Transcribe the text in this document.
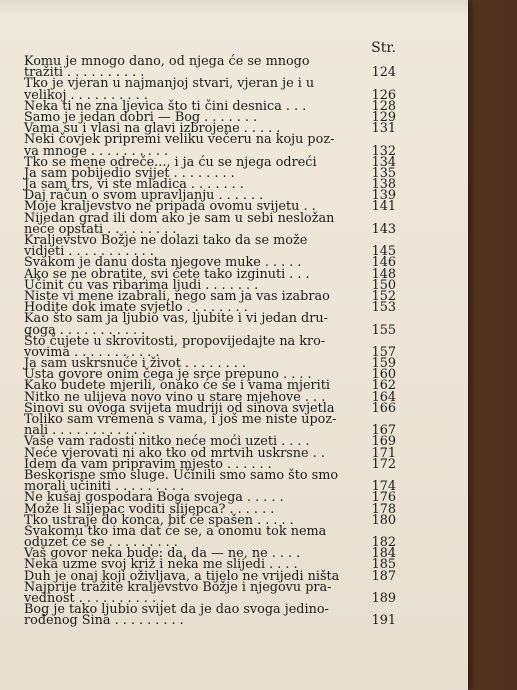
Str.
Komu je mnogo dano, od njega će se mnogo
tražiti . . . . . . . . . .	124
Tko je vjeran u najmanjoj stvari, vjeran je i u
velikoj . . . . . . . . . .	126
Neka ti ne zna ljevica što ti čini desnica . . .	128
Samo je jedan dobri — Bog . . . . . . .	129
Vama su i vlasi na glavi izbrojene . . . . .	131
Neki čovjek pripremi veliku večeru na koju poz-
va mnoge . . . . . . . . . .	132
Tko se mene odreče..., i ja ću se njega odreći	134
Ja sam pobijedio svijet . . . . . . . .	135
Ja sam trs, vi ste mladica . . . . . . .	138
Daj račun o svom upravljanju . . . . . .	139
Moje kraljevstvo ne pripada ovomu svijetu . .	141
Nijedan grad ili dom ako je sam u sebi nesložan
neće opstati . . . . . . . . .	143
Kraljevstvo Božje ne dolazi tako da se može
vidjeti . . . . . . . . . . .	145
Svakom je danu dosta njegove muke . . . . .	146
Ako se ne obratite, svi ćete tako izginuti . . .	148
Učinit ću vas ribarima ljudi . . . . . . .	150
Niste vi mene izabrali, nego sam ja vas izabrao	152
Hodite dok imate svjetlo . . . . . . . .	153
Kao što sam ja ljubio vas, ljubite i vi jedan dru-
goga . . . . . . . . . . .	155
Što čujete u skrovitosti, propovijedajte na kro-
vovima . . . . . . . . . . .	157
Ja sam uskrsnuće i život . . . . . . . .	159
Usta govore onim čega je srce prepuno . . . .	160
Kako budete mjerili, onako će se i vama mjeriti	162
Nitko ne ulijeva novo vino u stare mjehove . . .	164
Sinovi su ovoga svijeta mudriji od sinova svjetla	166
Toliko sam vremena s vama, i još me niste upoz-
nali . . . . . . . . . . . .	167
Vaše vam radosti nitko neće moći uzeti . . . .	169
Neće vjerovati ni ako tko od mrtvih uskrsne . .	171
Idem da vam pripravim mjesto . . . . . .	172
Beskorisne smo sluge. Učinili smo samo što smo
morali učiniti . . . . . . . . .	174
Ne kušaj gospodara Boga svojega . . . . .	176
Može li slijepac voditi slijepca? . . . . . .	178
Tko ustraje do konca, bit će spašen . . . . .	180
Svakomu tko ima dat će se, a onomu tok nema
oduzet će se . . . . . . . . .	182
Vaš govor neka bude: da, da — ne, ne . . . .	184
Neka uzme svoj križ i neka me slijedi . . . .	185
Duh je onaj koji oživljava, a tijelo ne vrijedi ništa	187
Najprije tražite kraljevstvo Božje i njegovu pra-
vednost . . . . . . . . . . .	189
Bog je tako ljubio svijet da je dao svoga jedino-
rođenog Sina . . . . . . . . .	191
